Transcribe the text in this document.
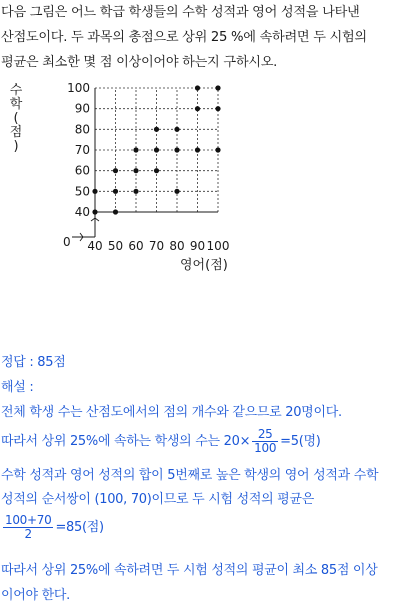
다음 그림은 어느 학급 학생들의 수학 성적과 영어 성적을 나타낸
산점도이다. 두 과목의 총점으로 상위 25 %에 속하려면 두 시험의
평균은 최소한 몇 점 이상이어야 하는지 구하시오.
40
50
60
70
80
90
100
40 50 60 70 80 90 100
0
수 학 ( 점 )
영어(점)
정답 : 85점
해설 :
전체 학생 수는 산점도에서의 점의 개수와 같으므로 20명이다.
따라서 상위 25%에 속하는 학생의 수는 $20\times \frac{25}{100} =5$(명)
수학 성적과 영어 성적의 합이 5번째로 높은 학생의 영어 성적과 수학
성적의 순서쌍이 (100, 70)이므로 두 시험 성적의 평균은
$\frac{100+70}{2} =85$(점)
따라서 상위 25%에 속하려면 두 시험 성적의 평균이 최소 85점 이상
이어야 한다.
